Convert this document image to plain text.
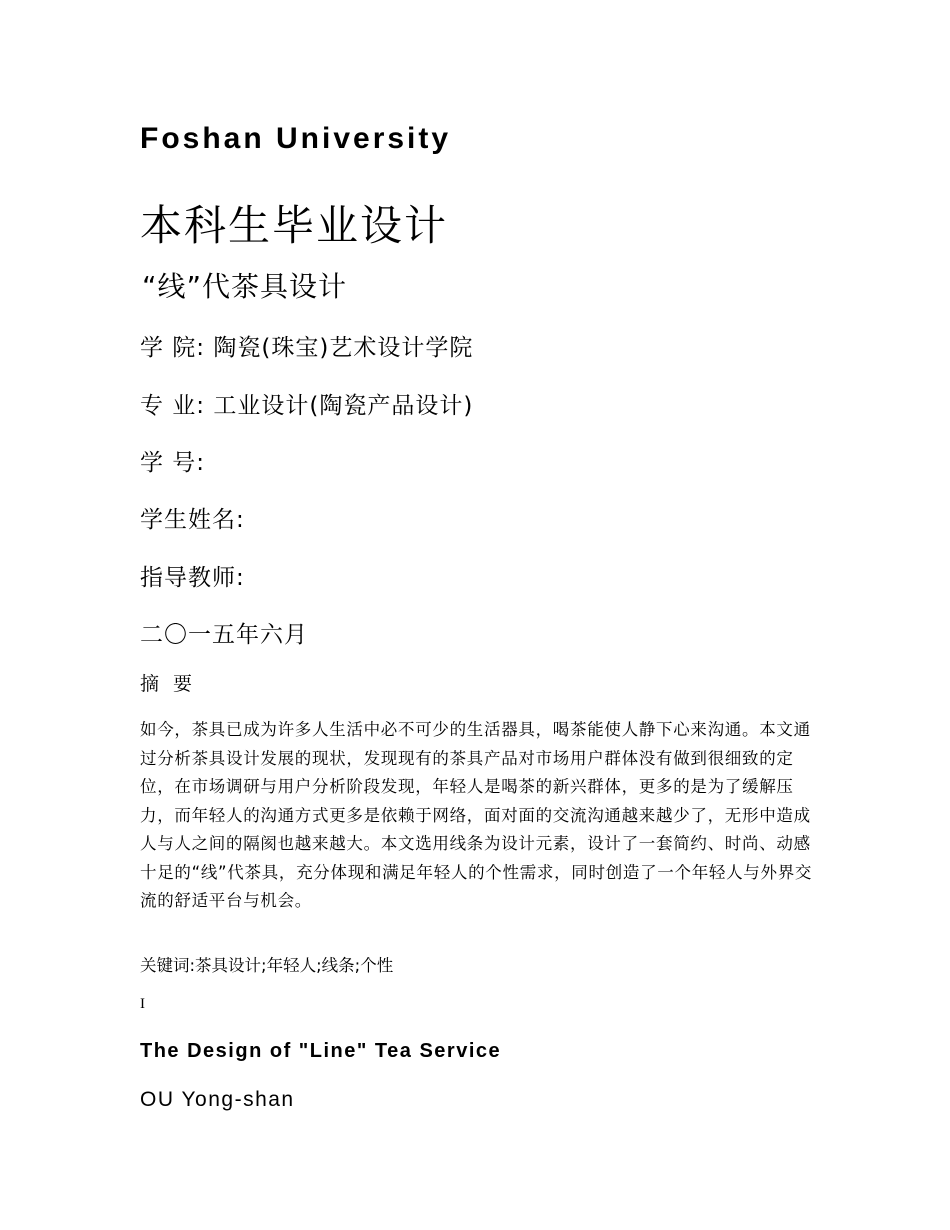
Foshan University
本科生毕业设计
“线”代茶具设计
学 院: 陶瓷(珠宝)艺术设计学院
专 业: 工业设计(陶瓷产品设计)
学 号:
学生姓名:
指导教师:
二〇一五年六月
摘 要
如今，茶具已成为许多人生活中必不可少的生活器具，喝茶能使人静下心来沟通。本文通过分析茶具设计发展的现状，发现现有的茶具产品对市场用户群体没有做到很细致的定位，在市场调研与用户分析阶段发现，年轻人是喝茶的新兴群体，更多的是为了缓解压力，而年轻人的沟通方式更多是依赖于网络，面对面的交流沟通越来越少了，无形中造成人与人之间的隔阂也越来越大。本文选用线条为设计元素，设计了一套简约、时尚、动感十足的“线”代茶具，充分体现和满足年轻人的个性需求，同时创造了一个年轻人与外界交流的舒适平台与机会。
关键词:茶具设计;年轻人;线条;个性
I
The Design of "Line" Tea Service
OU Yong-shan
